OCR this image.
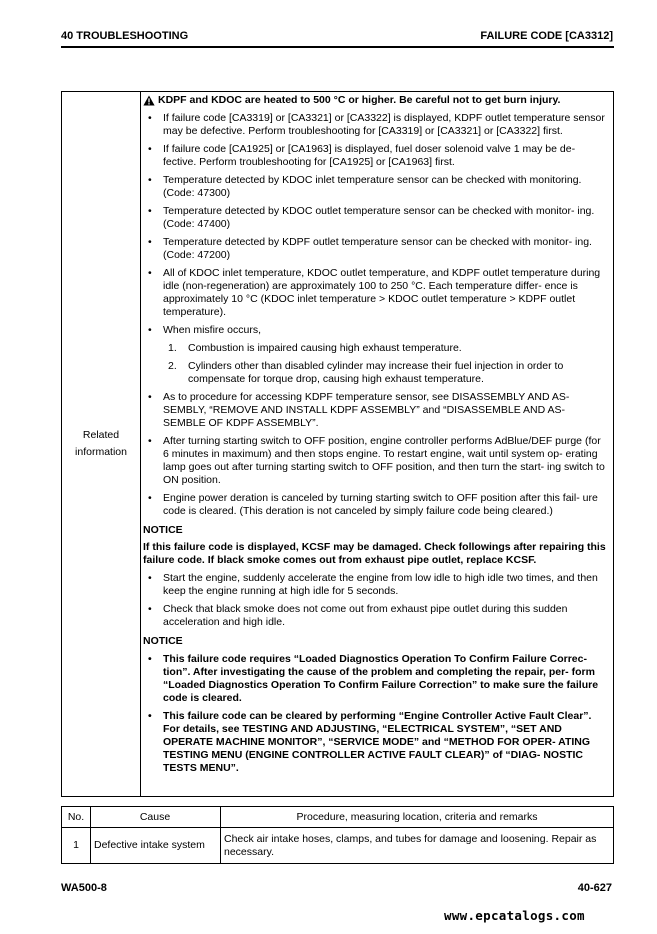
40 TROUBLESHOOTING	FAILURE CODE [CA3312]
Related
information
KDPF and KDOC are heated to 500 °C or higher. Be careful not to get burn injury.
• If failure code [CA3319] or [CA3321] or [CA3322] is displayed, KDPF outlet temperature sensor may be defective. Perform troubleshooting for [CA3319] or [CA3321] or [CA3322] first.
• If failure code [CA1925] or [CA1963] is displayed, fuel doser solenoid valve 1 may be de- fective. Perform troubleshooting for [CA1925] or [CA1963] first.
• Temperature detected by KDOC inlet temperature sensor can be checked with monitoring. (Code: 47300)
• Temperature detected by KDOC outlet temperature sensor can be checked with monitor- ing. (Code: 47400)
• Temperature detected by KDPF outlet temperature sensor can be checked with monitor- ing. (Code: 47200)
• All of KDOC inlet temperature, KDOC outlet temperature, and KDPF outlet temperature during idle (non-regeneration) are approximately 100 to 250 °C. Each temperature differ- ence is approximately 10 °C (KDOC inlet temperature > KDOC outlet temperature > KDPF outlet temperature).
• When misfire occurs,
1. Combustion is impaired causing high exhaust temperature.
2. Cylinders other than disabled cylinder may increase their fuel injection in order to compensate for torque drop, causing high exhaust temperature.
• As to procedure for accessing KDPF temperature sensor, see DISASSEMBLY AND AS- SEMBLY, “REMOVE AND INSTALL KDPF ASSEMBLY” and “DISASSEMBLE AND AS- SEMBLE OF KDPF ASSEMBLY”.
• After turning starting switch to OFF position, engine controller performs AdBlue/DEF purge (for 6 minutes in maximum) and then stops engine. To restart engine, wait until system op- erating lamp goes out after turning starting switch to OFF position, and then turn the start- ing switch to ON position.
• Engine power deration is canceled by turning starting switch to OFF position after this fail- ure code is cleared. (This deration is not canceled by simply failure code being cleared.)
NOTICE
If this failure code is displayed, KCSF may be damaged. Check followings after repairing this failure code. If black smoke comes out from exhaust pipe outlet, replace KCSF.
• Start the engine, suddenly accelerate the engine from low idle to high idle two times, and then keep the engine running at high idle for 5 seconds.
• Check that black smoke does not come out from exhaust pipe outlet during this sudden acceleration and high idle.
NOTICE
• This failure code requires “Loaded Diagnostics Operation To Confirm Failure Correc- tion”. After investigating the cause of the problem and completing the repair, per- form “Loaded Diagnostics Operation To Confirm Failure Correction” to make sure the failure code is cleared.
• This failure code can be cleared by performing “Engine Controller Active Fault Clear”. For details, see TESTING AND ADJUSTING, “ELECTRICAL SYSTEM”, “SET AND OPERATE MACHINE MONITOR”, “SERVICE MODE” and “METHOD FOR OPER- ATING TESTING MENU (ENGINE CONTROLLER ACTIVE FAULT CLEAR)” of “DIAG- NOSTIC TESTS MENU”.
No.	Cause	Procedure, measuring location, criteria and remarks
1	Defective intake system	Check air intake hoses, clamps, and tubes for damage and loosening. Repair as necessary.
WA500-8	40-627
www.epcatalogs.com
